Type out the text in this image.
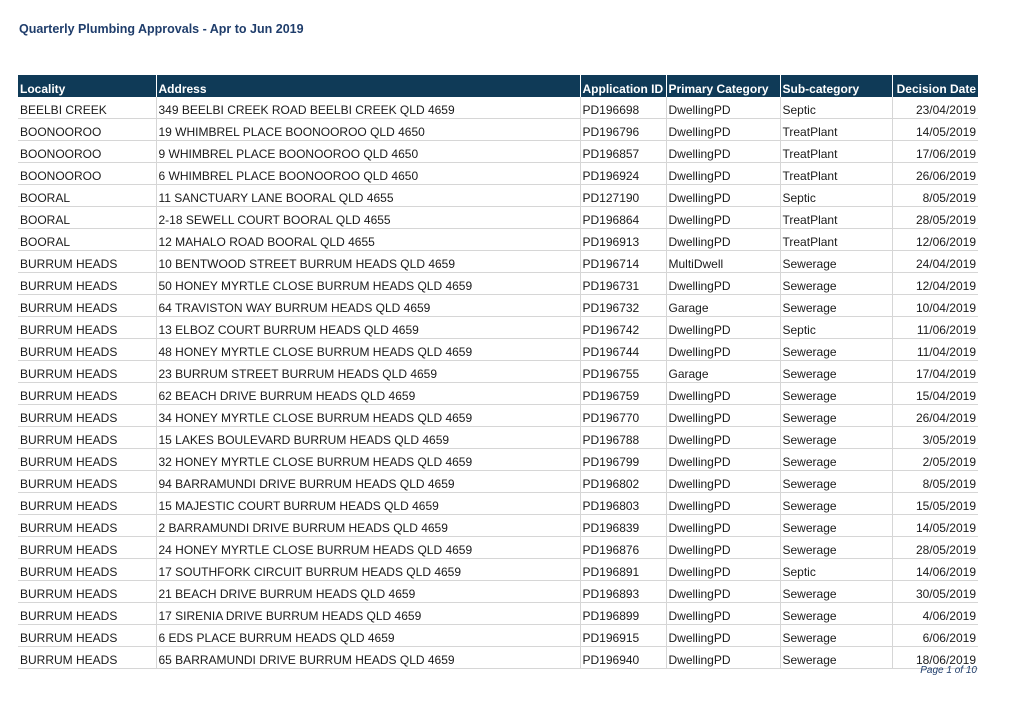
Quarterly Plumbing Approvals - Apr to Jun 2019
Locality	Address	Application ID	Primary Category	Sub-category	Decision Date
BEELBI CREEK	349 BEELBI CREEK ROAD BEELBI CREEK QLD 4659	PD196698	DwellingPD	Septic	23/04/2019
BOONOOROO	19 WHIMBREL PLACE BOONOOROO QLD 4650	PD196796	DwellingPD	TreatPlant	14/05/2019
BOONOOROO	9 WHIMBREL PLACE BOONOOROO QLD 4650	PD196857	DwellingPD	TreatPlant	17/06/2019
BOONOOROO	6 WHIMBREL PLACE BOONOOROO QLD 4650	PD196924	DwellingPD	TreatPlant	26/06/2019
BOORAL	11 SANCTUARY LANE BOORAL QLD 4655	PD127190	DwellingPD	Septic	8/05/2019
BOORAL	2-18 SEWELL COURT BOORAL QLD 4655	PD196864	DwellingPD	TreatPlant	28/05/2019
BOORAL	12 MAHALO ROAD BOORAL QLD 4655	PD196913	DwellingPD	TreatPlant	12/06/2019
BURRUM HEADS	10 BENTWOOD STREET BURRUM HEADS QLD 4659	PD196714	MultiDwell	Sewerage	24/04/2019
BURRUM HEADS	50 HONEY MYRTLE CLOSE BURRUM HEADS QLD 4659	PD196731	DwellingPD	Sewerage	12/04/2019
BURRUM HEADS	64 TRAVISTON WAY BURRUM HEADS QLD 4659	PD196732	Garage	Sewerage	10/04/2019
BURRUM HEADS	13 ELBOZ COURT BURRUM HEADS QLD 4659	PD196742	DwellingPD	Septic	11/06/2019
BURRUM HEADS	48 HONEY MYRTLE CLOSE BURRUM HEADS QLD 4659	PD196744	DwellingPD	Sewerage	11/04/2019
BURRUM HEADS	23 BURRUM STREET BURRUM HEADS QLD 4659	PD196755	Garage	Sewerage	17/04/2019
BURRUM HEADS	62 BEACH DRIVE BURRUM HEADS QLD 4659	PD196759	DwellingPD	Sewerage	15/04/2019
BURRUM HEADS	34 HONEY MYRTLE CLOSE BURRUM HEADS QLD 4659	PD196770	DwellingPD	Sewerage	26/04/2019
BURRUM HEADS	15 LAKES BOULEVARD BURRUM HEADS QLD 4659	PD196788	DwellingPD	Sewerage	3/05/2019
BURRUM HEADS	32 HONEY MYRTLE CLOSE BURRUM HEADS QLD 4659	PD196799	DwellingPD	Sewerage	2/05/2019
BURRUM HEADS	94 BARRAMUNDI DRIVE BURRUM HEADS QLD 4659	PD196802	DwellingPD	Sewerage	8/05/2019
BURRUM HEADS	15 MAJESTIC COURT BURRUM HEADS QLD 4659	PD196803	DwellingPD	Sewerage	15/05/2019
BURRUM HEADS	2 BARRAMUNDI DRIVE BURRUM HEADS QLD 4659	PD196839	DwellingPD	Sewerage	14/05/2019
BURRUM HEADS	24 HONEY MYRTLE CLOSE BURRUM HEADS QLD 4659	PD196876	DwellingPD	Sewerage	28/05/2019
BURRUM HEADS	17 SOUTHFORK CIRCUIT BURRUM HEADS QLD 4659	PD196891	DwellingPD	Septic	14/06/2019
BURRUM HEADS	21 BEACH DRIVE BURRUM HEADS QLD 4659	PD196893	DwellingPD	Sewerage	30/05/2019
BURRUM HEADS	17 SIRENIA DRIVE BURRUM HEADS QLD 4659	PD196899	DwellingPD	Sewerage	4/06/2019
BURRUM HEADS	6 EDS PLACE BURRUM HEADS QLD 4659	PD196915	DwellingPD	Sewerage	6/06/2019
BURRUM HEADS	65 BARRAMUNDI DRIVE BURRUM HEADS QLD 4659	PD196940	DwellingPD	Sewerage	18/06/2019
Page 1 of 10
